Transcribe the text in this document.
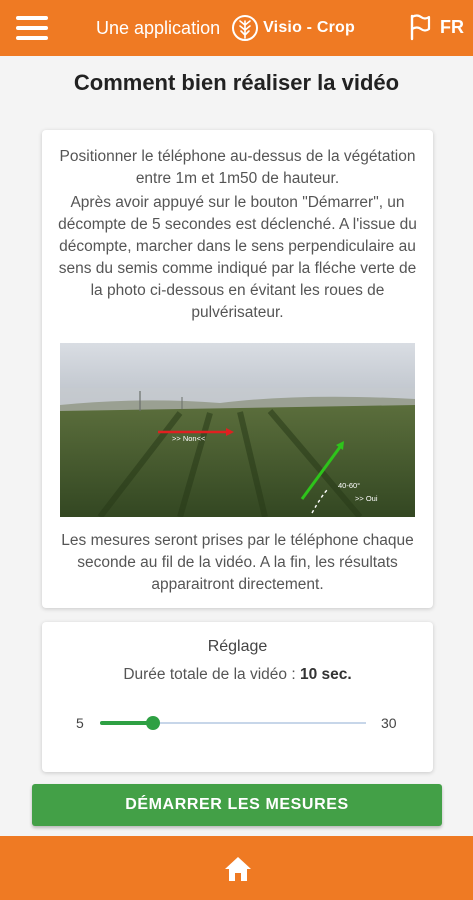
Une application	Visio - Crop	FR
Comment bien réaliser la vidéo

Positionner le téléphone au-dessus de la végétation entre 1m et 1m50 de hauteur.

Après avoir appuyé sur le bouton "Démarrer", un décompte de 5 secondes est déclenché. A l'issue du décompte, marcher dans le sens perpendiculaire au sens du semis comme indiqué par la fléche verte de la photo ci-dessous en évitant les roues de pulvérisateur.

>> Non<<
40-60°
>> Oui

Les mesures seront prises par le téléphone chaque seconde au fil de la vidéo. A la fin, les résultats apparaitront directement.

Réglage
Durée totale de la vidéo : 10 sec.
5	30
DÉMARRER LES MESURES
